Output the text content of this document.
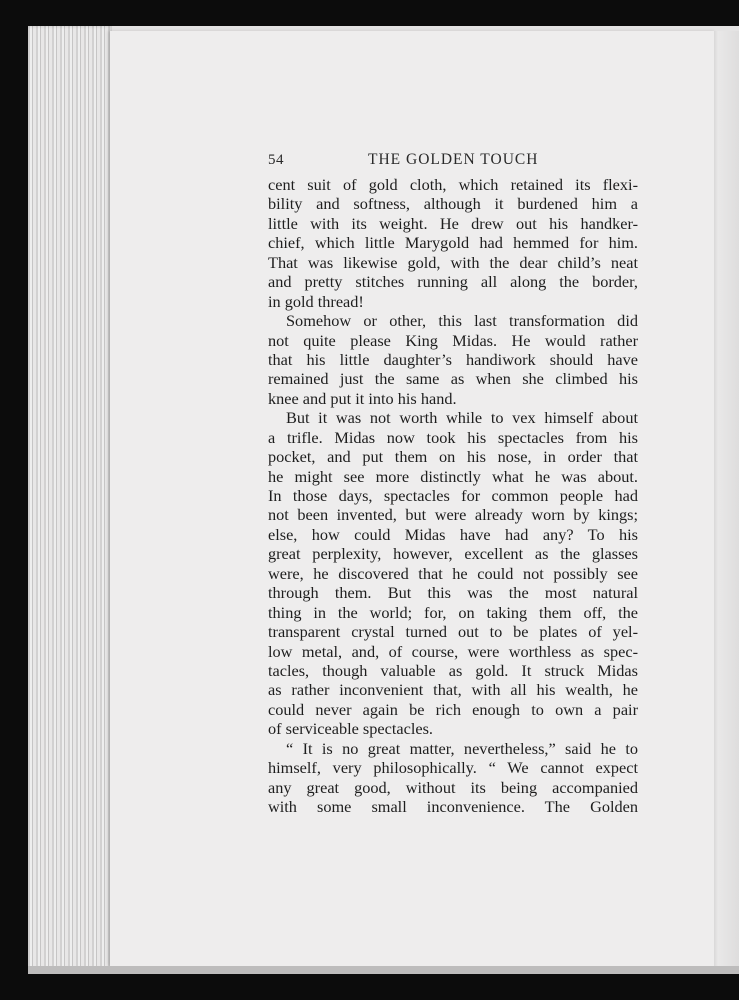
54	THE GOLDEN TOUCH
cent suit of gold cloth, which retained its flexi-
bility and softness, although it burdened him a
little with its weight. He drew out his handker-
chief, which little Marygold had hemmed for him.
That was likewise gold, with the dear child’s neat
and pretty stitches running all along the border,
in gold thread!
Somehow or other, this last transformation did
not quite please King Midas. He would rather
that his little daughter’s handiwork should have
remained just the same as when she climbed his
knee and put it into his hand.
But it was not worth while to vex himself about
a trifle. Midas now took his spectacles from his
pocket, and put them on his nose, in order that
he might see more distinctly what he was about.
In those days, spectacles for common people had
not been invented, but were already worn by kings;
else, how could Midas have had any? To his
great perplexity, however, excellent as the glasses
were, he discovered that he could not possibly see
through them. But this was the most natural
thing in the world; for, on taking them off, the
transparent crystal turned out to be plates of yel-
low metal, and, of course, were worthless as spec-
tacles, though valuable as gold. It struck Midas
as rather inconvenient that, with all his wealth, he
could never again be rich enough to own a pair
of serviceable spectacles.
“ It is no great matter, nevertheless,” said he to
himself, very philosophically. “ We cannot expect
any great good, without its being accompanied
with some small inconvenience. The Golden
